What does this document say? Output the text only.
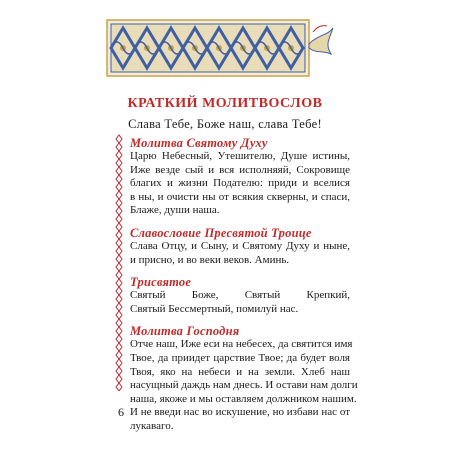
КРАТКИЙ МОЛИТВОСЛОВ
Слава Тебе, Боже наш, слава Тебе!
Молитва Святому Духу
Царю Небесный, Утешителю, Душе истины,
Иже везде сый и вся исполняяй, Сокровище
благих и жизни Подателю: приди и вселися
в ны, и очисти ны от всякия скверны, и спаси,
Блаже, души наша.
Славословие Пресвятой Троице
Слава Отцу, и Сыну, и Святому Духу и ныне,
и присно, и во веки веков. Аминь.
Трисвятое
Святый Боже, Святый Крепкий,
Святый Бессмертный, помилуй нас.
Молитва Господня
Отче наш, Иже еси на небесех, да святится имя
Твое, да приидет царствие Твое; да будет воля
Твоя, яко на небеси и на земли. Хлеб наш
насущный даждь нам днесь. И остави нам долги
наша, якоже и мы оставляем должником нашим.
И не введи нас во искушение, но избави нас от
лукаваго.
6
